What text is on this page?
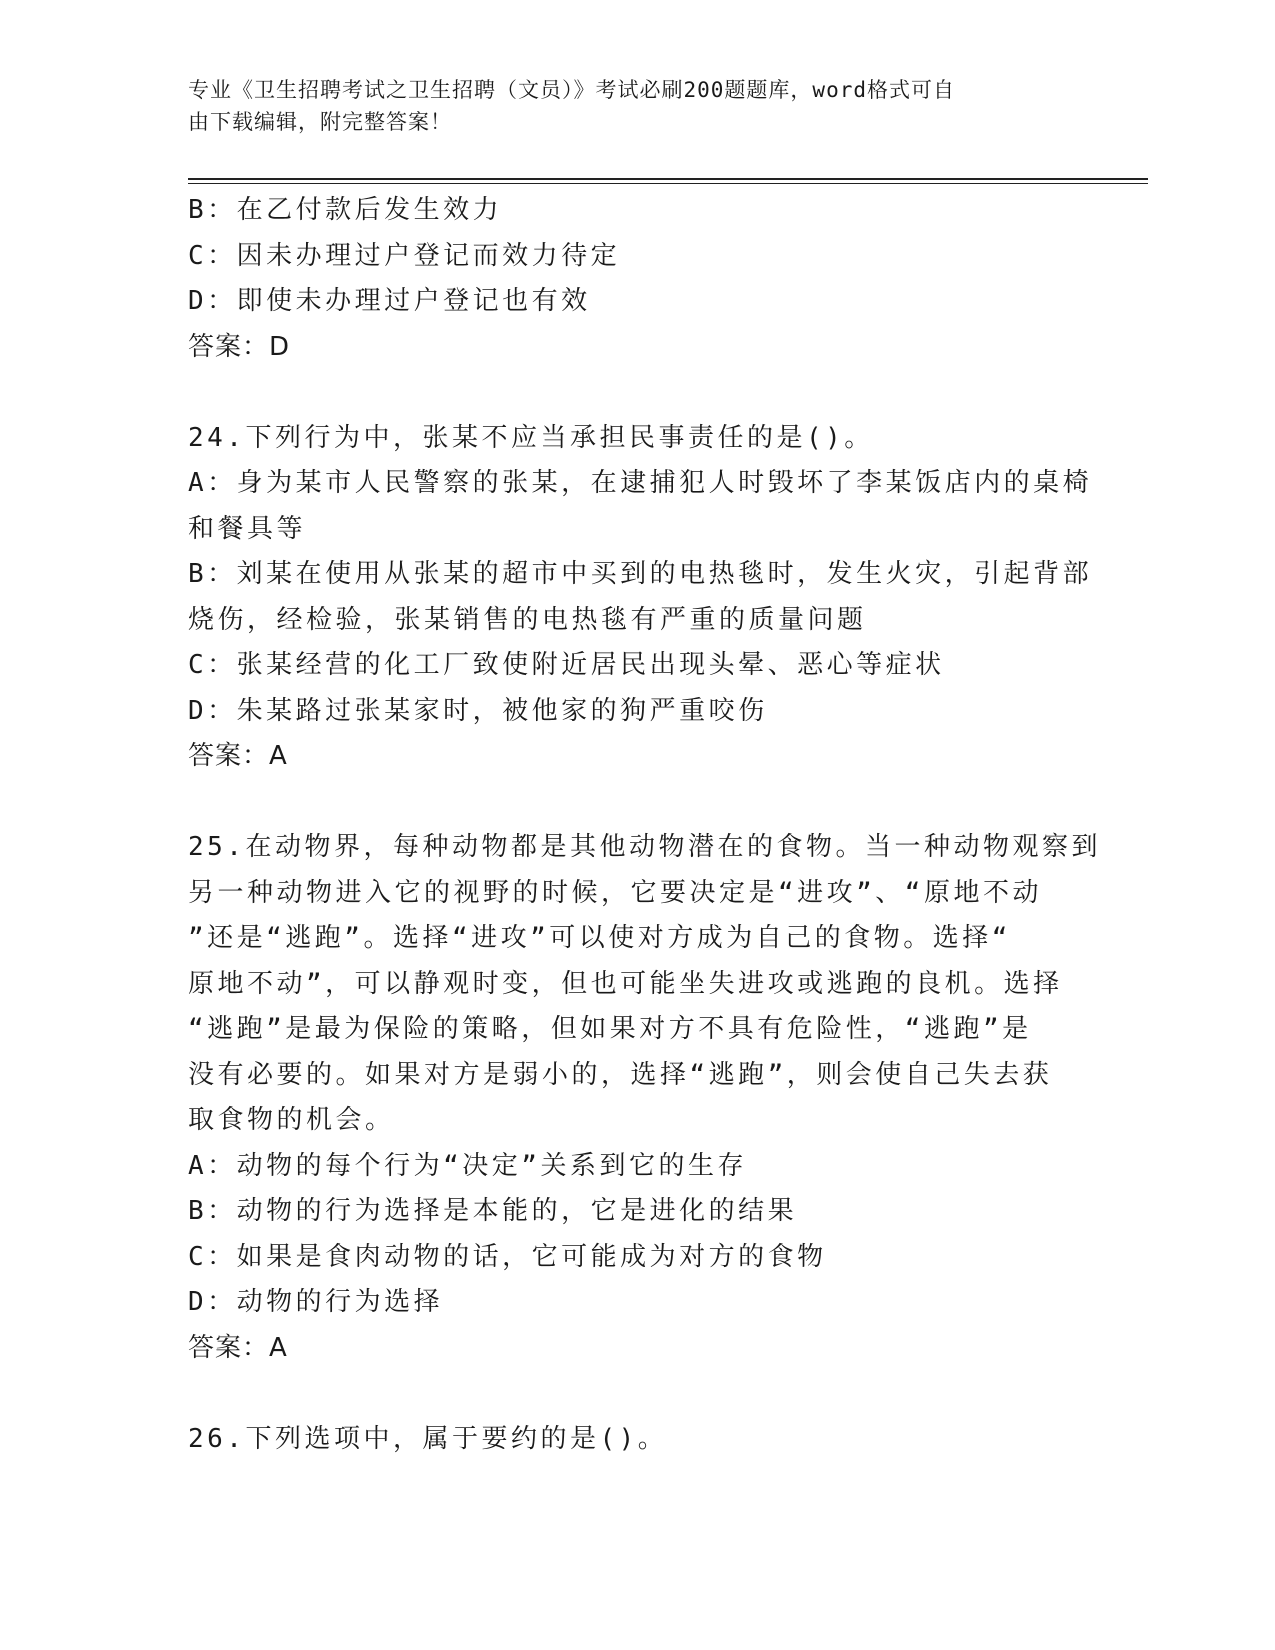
专业《卫生招聘考试之卫生招聘（文员）》考试必刷200题题库，word格式可自
由下载编辑，附完整答案！
B：在乙付款后发生效力
C：因未办理过户登记而效力待定
D：即使未办理过户登记也有效
答案：D
24.下列行为中，张某不应当承担民事责任的是()。
A：身为某市人民警察的张某，在逮捕犯人时毁坏了李某饭店内的桌椅
和餐具等
B：刘某在使用从张某的超市中买到的电热毯时，发生火灾，引起背部
烧伤，经检验，张某销售的电热毯有严重的质量问题
C：张某经营的化工厂致使附近居民出现头晕、恶心等症状
D：朱某路过张某家时，被他家的狗严重咬伤
答案：A
25.在动物界，每种动物都是其他动物潜在的食物。当一种动物观察到
另一种动物进入它的视野的时候，它要决定是“进攻”、“原地不动
”还是“逃跑”。选择“进攻”可以使对方成为自己的食物。选择“
原地不动”，可以静观时变，但也可能坐失进攻或逃跑的良机。选择
“逃跑”是最为保险的策略，但如果对方不具有危险性，“逃跑”是
没有必要的。如果对方是弱小的，选择“逃跑”，则会使自己失去获
取食物的机会。
A：动物的每个行为“决定”关系到它的生存
B：动物的行为选择是本能的，它是进化的结果
C：如果是食肉动物的话，它可能成为对方的食物
D：动物的行为选择
答案：A
26.下列选项中，属于要约的是()。
